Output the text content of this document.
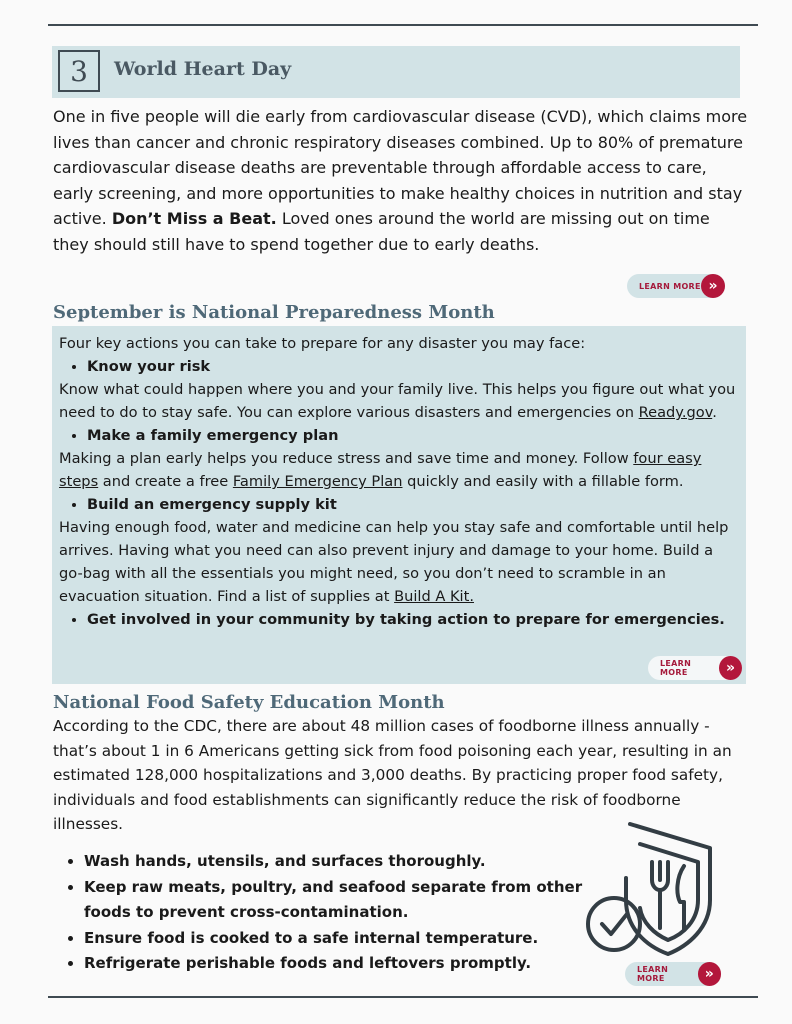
3	World Heart Day

One in five people will die early from cardiovascular disease (CVD), which claims more lives than cancer and chronic respiratory diseases combined. Up to 80% of premature cardiovascular disease deaths are preventable through affordable access to care, early screening, and more opportunities to make healthy choices in nutrition and stay active. Don’t Miss a Beat. Loved ones around the world are missing out on time they should still have to spend together due to early deaths.

LEARN MORE »
September is National Preparedness Month

Four key actions you can take to prepare for any disaster you may face:

• Know your risk

Know what could happen where you and your family live. This helps you figure out what you need to do to stay safe. You can explore various disasters and emergencies on Ready.gov.

• Make a family emergency plan

Making a plan early helps you reduce stress and save time and money. Follow four easy steps and create a free Family Emergency Plan quickly and easily with a fillable form.

• Build an emergency supply kit

Having enough food, water and medicine can help you stay safe and comfortable until help arrives. Having what you need can also prevent injury and damage to your home. Build a go-bag with all the essentials you might need, so you don’t need to scramble in an evacuation situation. Find a list of supplies at Build A Kit.

• Get involved in your community by taking action to prepare for emergencies.
LEARN MORE	»
National Food Safety Education Month

According to the CDC, there are about 48 million cases of foodborne illness annually - that’s about 1 in 6 Americans getting sick from food poisoning each year, resulting in an estimated 128,000 hospitalizations and 3,000 deaths. By practicing proper food safety, individuals and food establishments can significantly reduce the risk of foodborne illnesses.

• Wash hands, utensils, and surfaces thoroughly.
• Keep raw meats, poultry, and seafood separate from other foods to prevent cross-contamination.
• Ensure food is cooked to a safe internal temperature.
• Refrigerate perishable foods and leftovers promptly.	LEARN MORE	»
